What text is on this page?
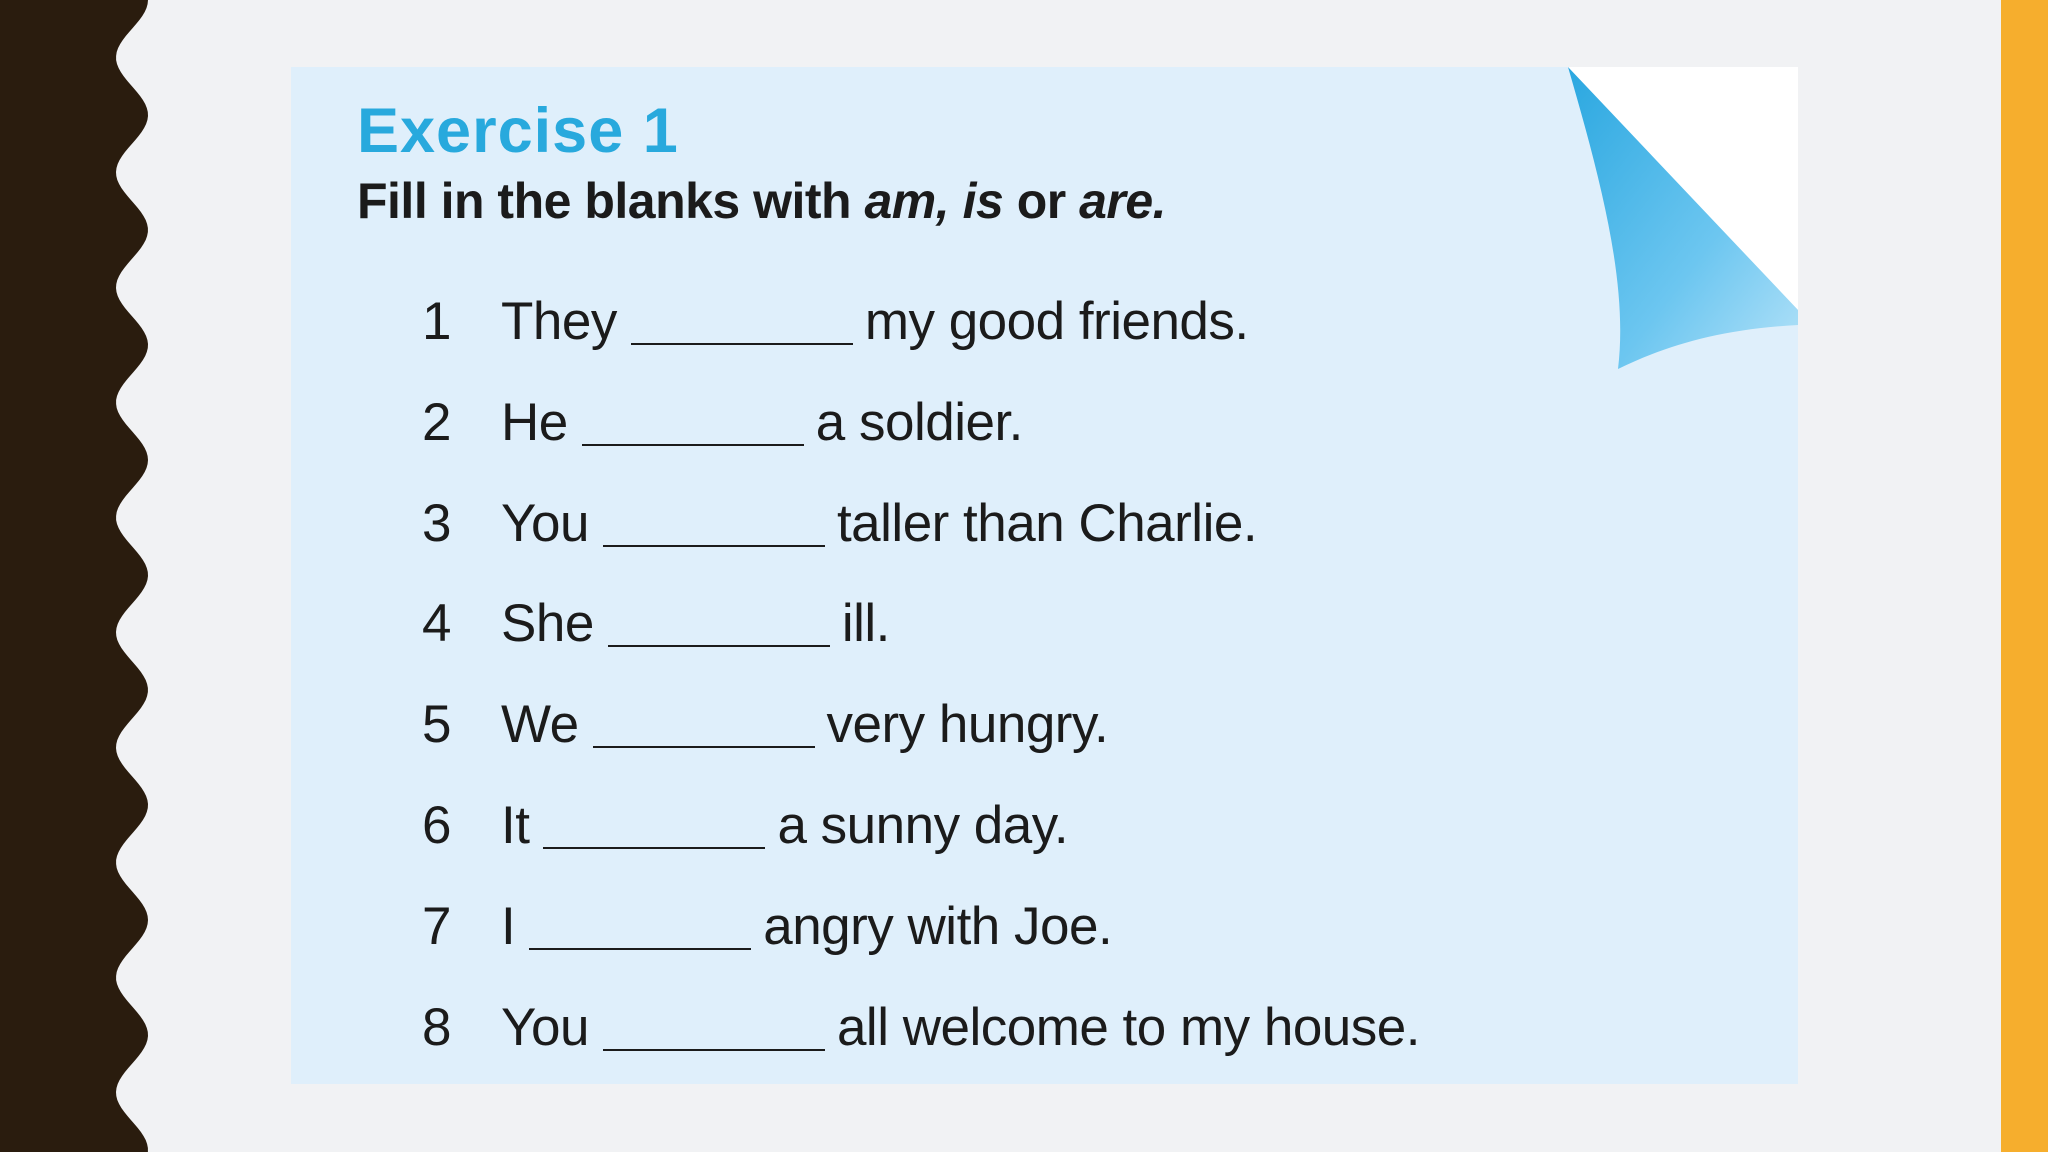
Exercise 1

Fill in the blanks with am, is or are.

1 They	my good friends.
2 He	a soldier.
3 You	taller than Charlie.
4 She	ill.
5 We	very hungry.
6 It	a sunny day.
7 I	angry with Joe.
8 You	all welcome to my house.
